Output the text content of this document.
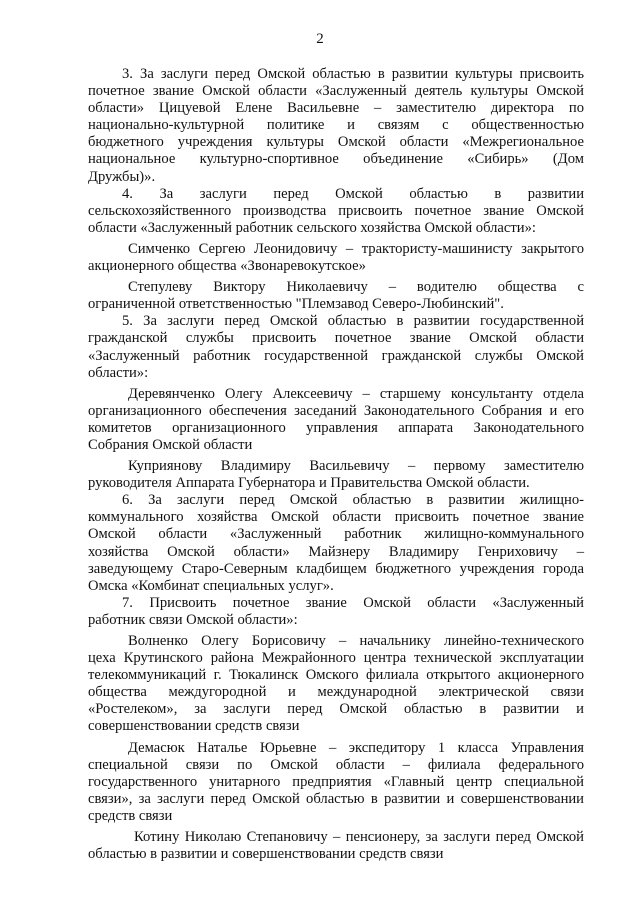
2
3. За заслуги перед Омской областью в развитии культуры присвоить
почетное звание Омской области «Заслуженный деятель культуры Омской
области» Цицуевой Елене Васильевне – заместителю директора по
национально-культурной политике и связям с общественностью
бюджетного учреждения культуры Омской области «Межрегиональное
национальное культурно-спортивное объединение «Сибирь» (Дом
Дружбы)».
4. За заслуги перед Омской областью в развитии
сельскохозяйственного производства присвоить почетное звание Омской
области «Заслуженный работник сельского хозяйства Омской области»:
Симченко Сергею Леонидовичу – трактористу-машинисту закрытого
акционерного общества «Звонаревокутское»
Степулеву Виктору Николаевичу – водителю общества с
ограниченной ответственностью "Племзавод Северо-Любинский".
5. За заслуги перед Омской областью в развитии государственной
гражданской службы присвоить почетное звание Омской области
«Заслуженный работник государственной гражданской службы Омской
области»:
Деревянченко Олегу Алексеевичу – старшему консультанту отдела
организационного обеспечения заседаний Законодательного Собрания и его
комитетов организационного управления аппарата Законодательного
Собрания Омской области
Куприянову Владимиру Васильевичу – первому заместителю
руководителя Аппарата Губернатора и Правительства Омской области.
6. За заслуги перед Омской областью в развитии жилищно-
коммунального хозяйства Омской области присвоить почетное звание
Омской области «Заслуженный работник жилищно-коммунального
хозяйства Омской области» Майзнеру Владимиру Генриховичу –
заведующему Старо-Северным кладбищем бюджетного учреждения города
Омска «Комбинат специальных услуг».
7. Присвоить почетное звание Омской области «Заслуженный
работник связи Омской области»:
Волненко Олегу Борисовичу – начальнику линейно-технического
цеха Крутинского района Межрайонного центра технической эксплуатации
телекоммуникаций г. Тюкалинск Омского филиала открытого акционерного
общества междугородной и международной электрической связи
«Ростелеком», за заслуги перед Омской областью в развитии и
совершенствовании средств связи
Демасюк Наталье Юрьевне – экспедитору 1 класса Управления
специальной связи по Омской области – филиала федерального
государственного унитарного предприятия «Главный центр специальной
связи», за заслуги перед Омской областью в развитии и совершенствовании
средств связи
Котину Николаю Степановичу – пенсионеру, за заслуги перед Омской
областью в развитии и совершенствовании средств связи
